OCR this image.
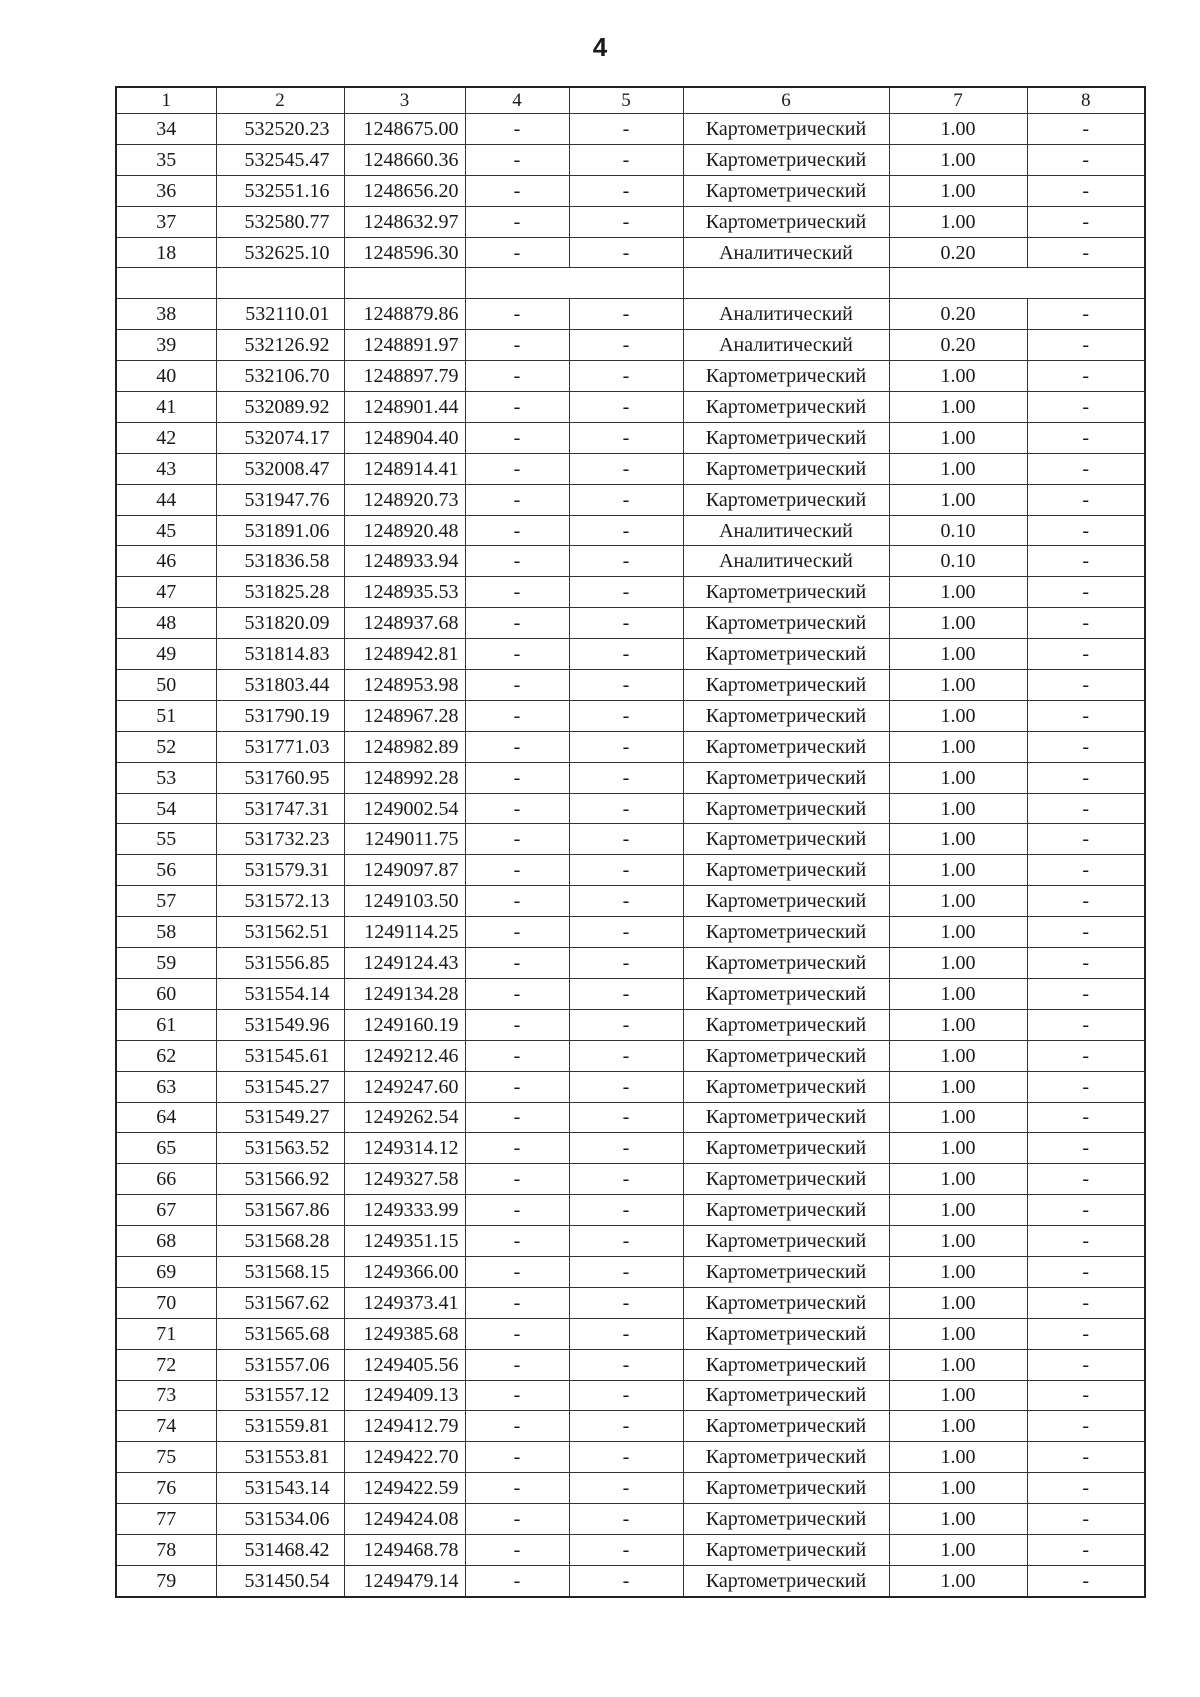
4
1	2	3	4	5	6	7	8
34	532520.23	1248675.00	-	-	Картометрический	1.00	-
35	532545.47	1248660.36	-	-	Картометрический	1.00	-
36	532551.16	1248656.20	-	-	Картометрический	1.00	-
37	532580.77	1248632.97	-	-	Картометрический	1.00	-
18	532625.10	1248596.30	-	-	Аналитический	0.20	-

38	532110.01	1248879.86	-	-	Аналитический	0.20	-
39	532126.92	1248891.97	-	-	Аналитический	0.20	-
40	532106.70	1248897.79	-	-	Картометрический	1.00	-
41	532089.92	1248901.44	-	-	Картометрический	1.00	-
42	532074.17	1248904.40	-	-	Картометрический	1.00	-
43	532008.47	1248914.41	-	-	Картометрический	1.00	-
44	531947.76	1248920.73	-	-	Картометрический	1.00	-
45	531891.06	1248920.48	-	-	Аналитический	0.10	-
46	531836.58	1248933.94	-	-	Аналитический	0.10	-
47	531825.28	1248935.53	-	-	Картометрический	1.00	-
48	531820.09	1248937.68	-	-	Картометрический	1.00	-
49	531814.83	1248942.81	-	-	Картометрический	1.00	-
50	531803.44	1248953.98	-	-	Картометрический	1.00	-
51	531790.19	1248967.28	-	-	Картометрический	1.00	-
52	531771.03	1248982.89	-	-	Картометрический	1.00	-
53	531760.95	1248992.28	-	-	Картометрический	1.00	-
54	531747.31	1249002.54	-	-	Картометрический	1.00	-
55	531732.23	1249011.75	-	-	Картометрический	1.00	-
56	531579.31	1249097.87	-	-	Картометрический	1.00	-
57	531572.13	1249103.50	-	-	Картометрический	1.00	-
58	531562.51	1249114.25	-	-	Картометрический	1.00	-
59	531556.85	1249124.43	-	-	Картометрический	1.00	-
60	531554.14	1249134.28	-	-	Картометрический	1.00	-
61	531549.96	1249160.19	-	-	Картометрический	1.00	-
62	531545.61	1249212.46	-	-	Картометрический	1.00	-
63	531545.27	1249247.60	-	-	Картометрический	1.00	-
64	531549.27	1249262.54	-	-	Картометрический	1.00	-
65	531563.52	1249314.12	-	-	Картометрический	1.00	-
66	531566.92	1249327.58	-	-	Картометрический	1.00	-
67	531567.86	1249333.99	-	-	Картометрический	1.00	-
68	531568.28	1249351.15	-	-	Картометрический	1.00	-
69	531568.15	1249366.00	-	-	Картометрический	1.00	-
70	531567.62	1249373.41	-	-	Картометрический	1.00	-
71	531565.68	1249385.68	-	-	Картометрический	1.00	-
72	531557.06	1249405.56	-	-	Картометрический	1.00	-
73	531557.12	1249409.13	-	-	Картометрический	1.00	-
74	531559.81	1249412.79	-	-	Картометрический	1.00	-
75	531553.81	1249422.70	-	-	Картометрический	1.00	-
76	531543.14	1249422.59	-	-	Картометрический	1.00	-
77	531534.06	1249424.08	-	-	Картометрический	1.00	-
78	531468.42	1249468.78	-	-	Картометрический	1.00	-
79	531450.54	1249479.14	-	-	Картометрический	1.00	-
